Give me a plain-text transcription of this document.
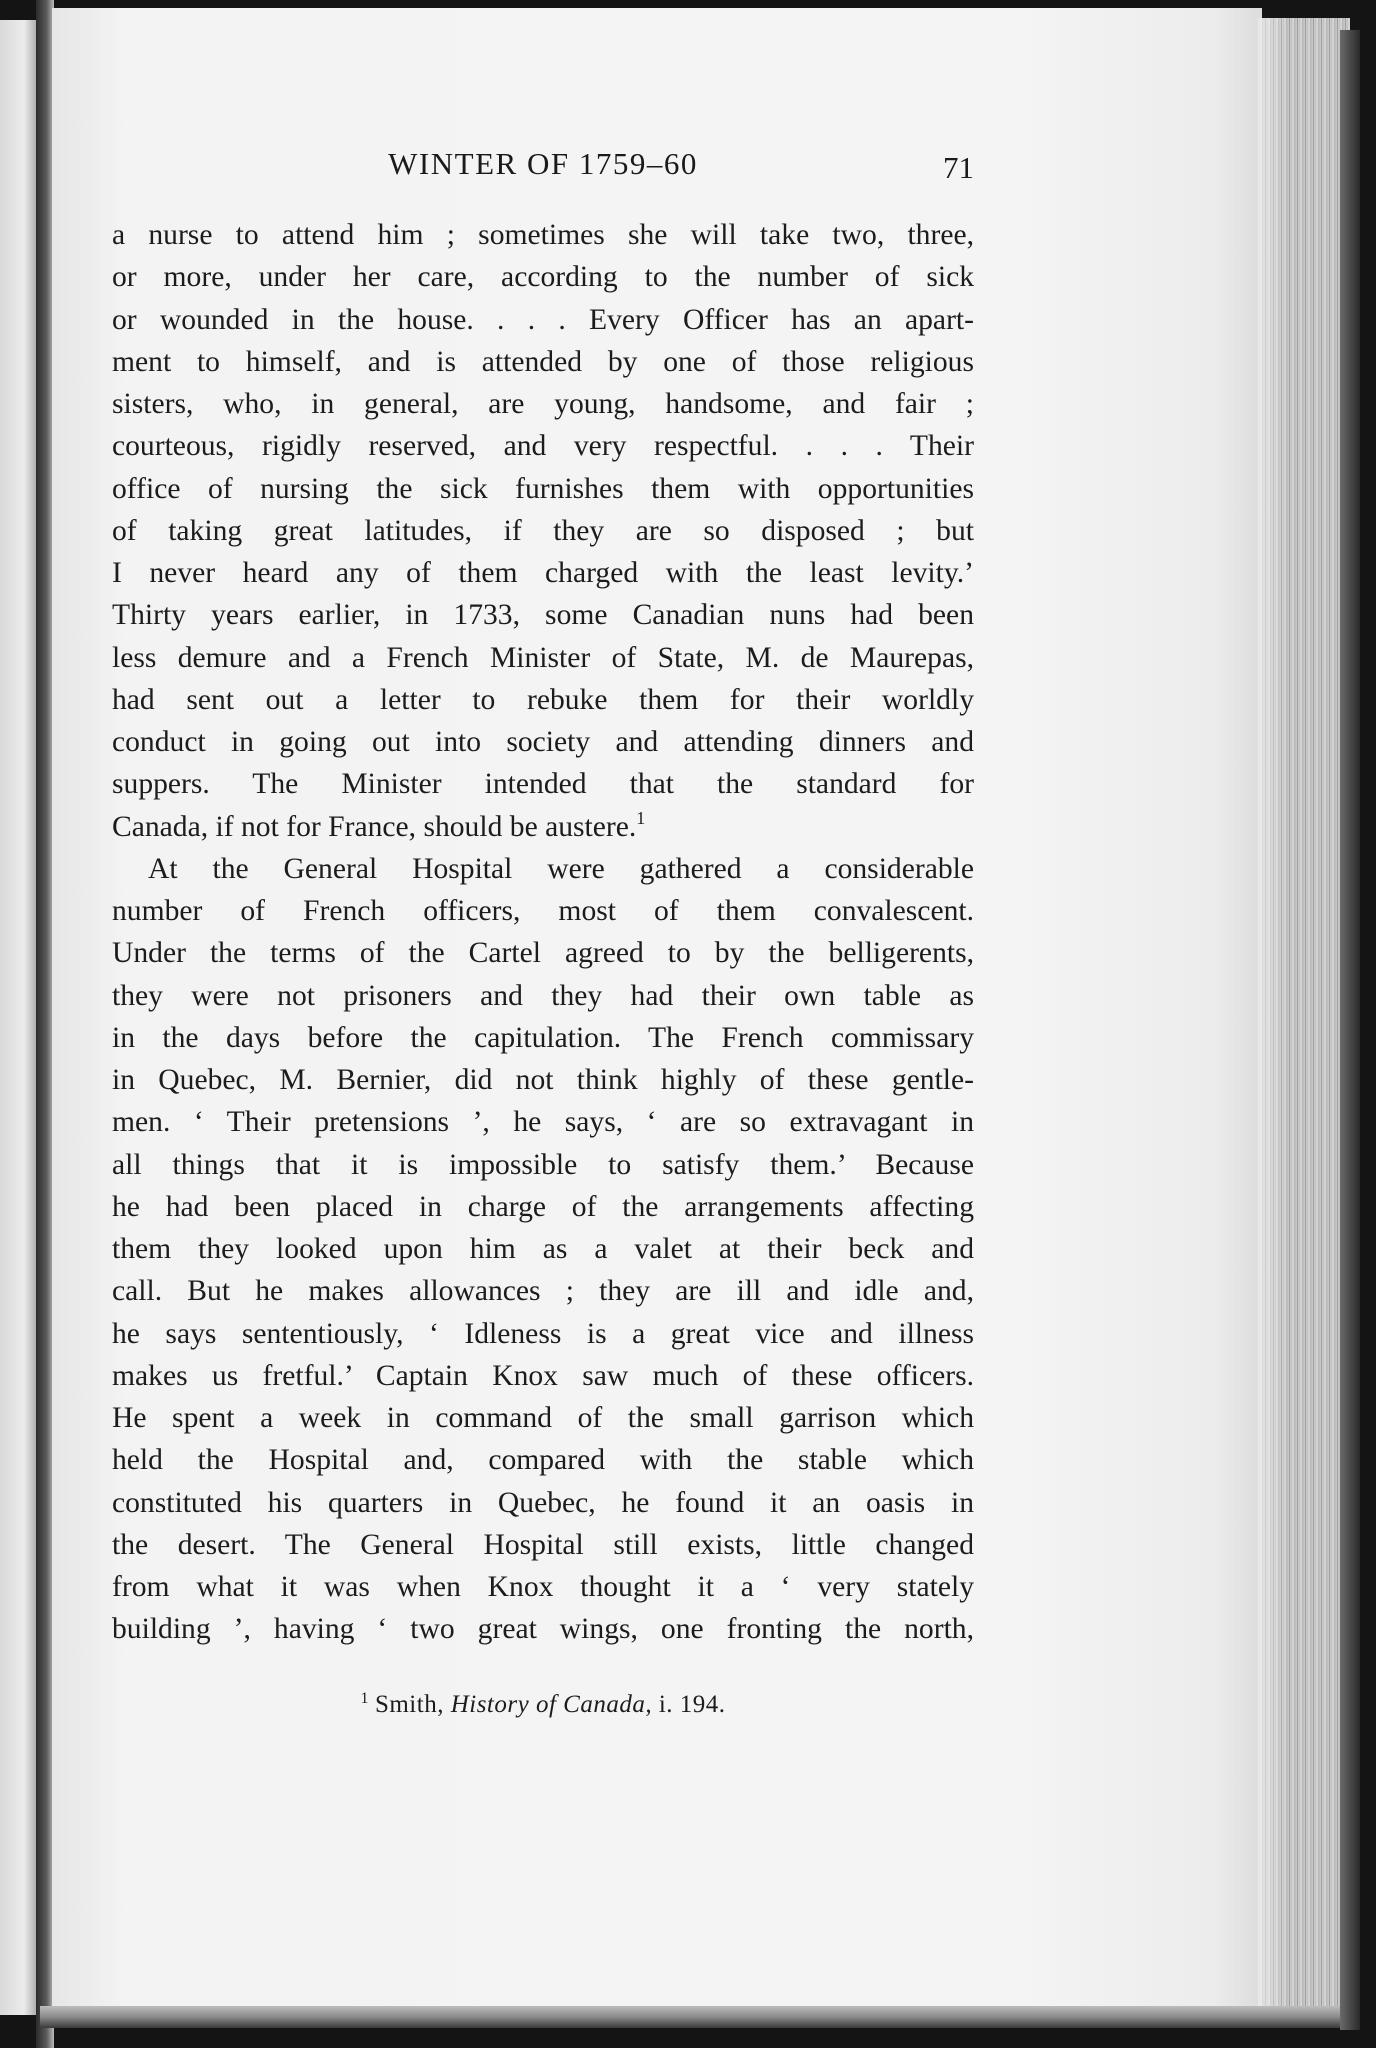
WINTER OF 1759–60	71
a nurse to attend him ; sometimes she will take two, three,
or more, under her care, according to the number of sick
or wounded in the house. . . . Every Officer has an apart-
ment to himself, and is attended by one of those religious
sisters, who, in general, are young, handsome, and fair ;
courteous, rigidly reserved, and very respectful. . . . Their
office of nursing the sick furnishes them with opportunities
of taking great latitudes, if they are so disposed ; but
I never heard any of them charged with the least levity.’
Thirty years earlier, in 1733, some Canadian nuns had been
less demure and a French Minister of State, M. de Maurepas,
had sent out a letter to rebuke them for their worldly
conduct in going out into society and attending dinners and
suppers. The Minister intended that the standard for
Canada, if not for France, should be austere.$^1$
At the General Hospital were gathered a considerable
number of French officers, most of them convalescent.
Under the terms of the Cartel agreed to by the belligerents,
they were not prisoners and they had their own table as
in the days before the capitulation. The French commissary
in Quebec, M. Bernier, did not think highly of these gentle-
men. ‘ Their pretensions ’, he says, ‘ are so extravagant in
all things that it is impossible to satisfy them.’ Because
he had been placed in charge of the arrangements affecting
them they looked upon him as a valet at their beck and
call. But he makes allowances ; they are ill and idle and,
he says sententiously, ‘ Idleness is a great vice and illness
makes us fretful.’ Captain Knox saw much of these officers.
He spent a week in command of the small garrison which
held the Hospital and, compared with the stable which
constituted his quarters in Quebec, he found it an oasis in
the desert. The General Hospital still exists, little changed
from what it was when Knox thought it a ‘ very stately
building ’, having ‘ two great wings, one fronting the north,
$^1$ Smith, History of Canada, i. 194.
